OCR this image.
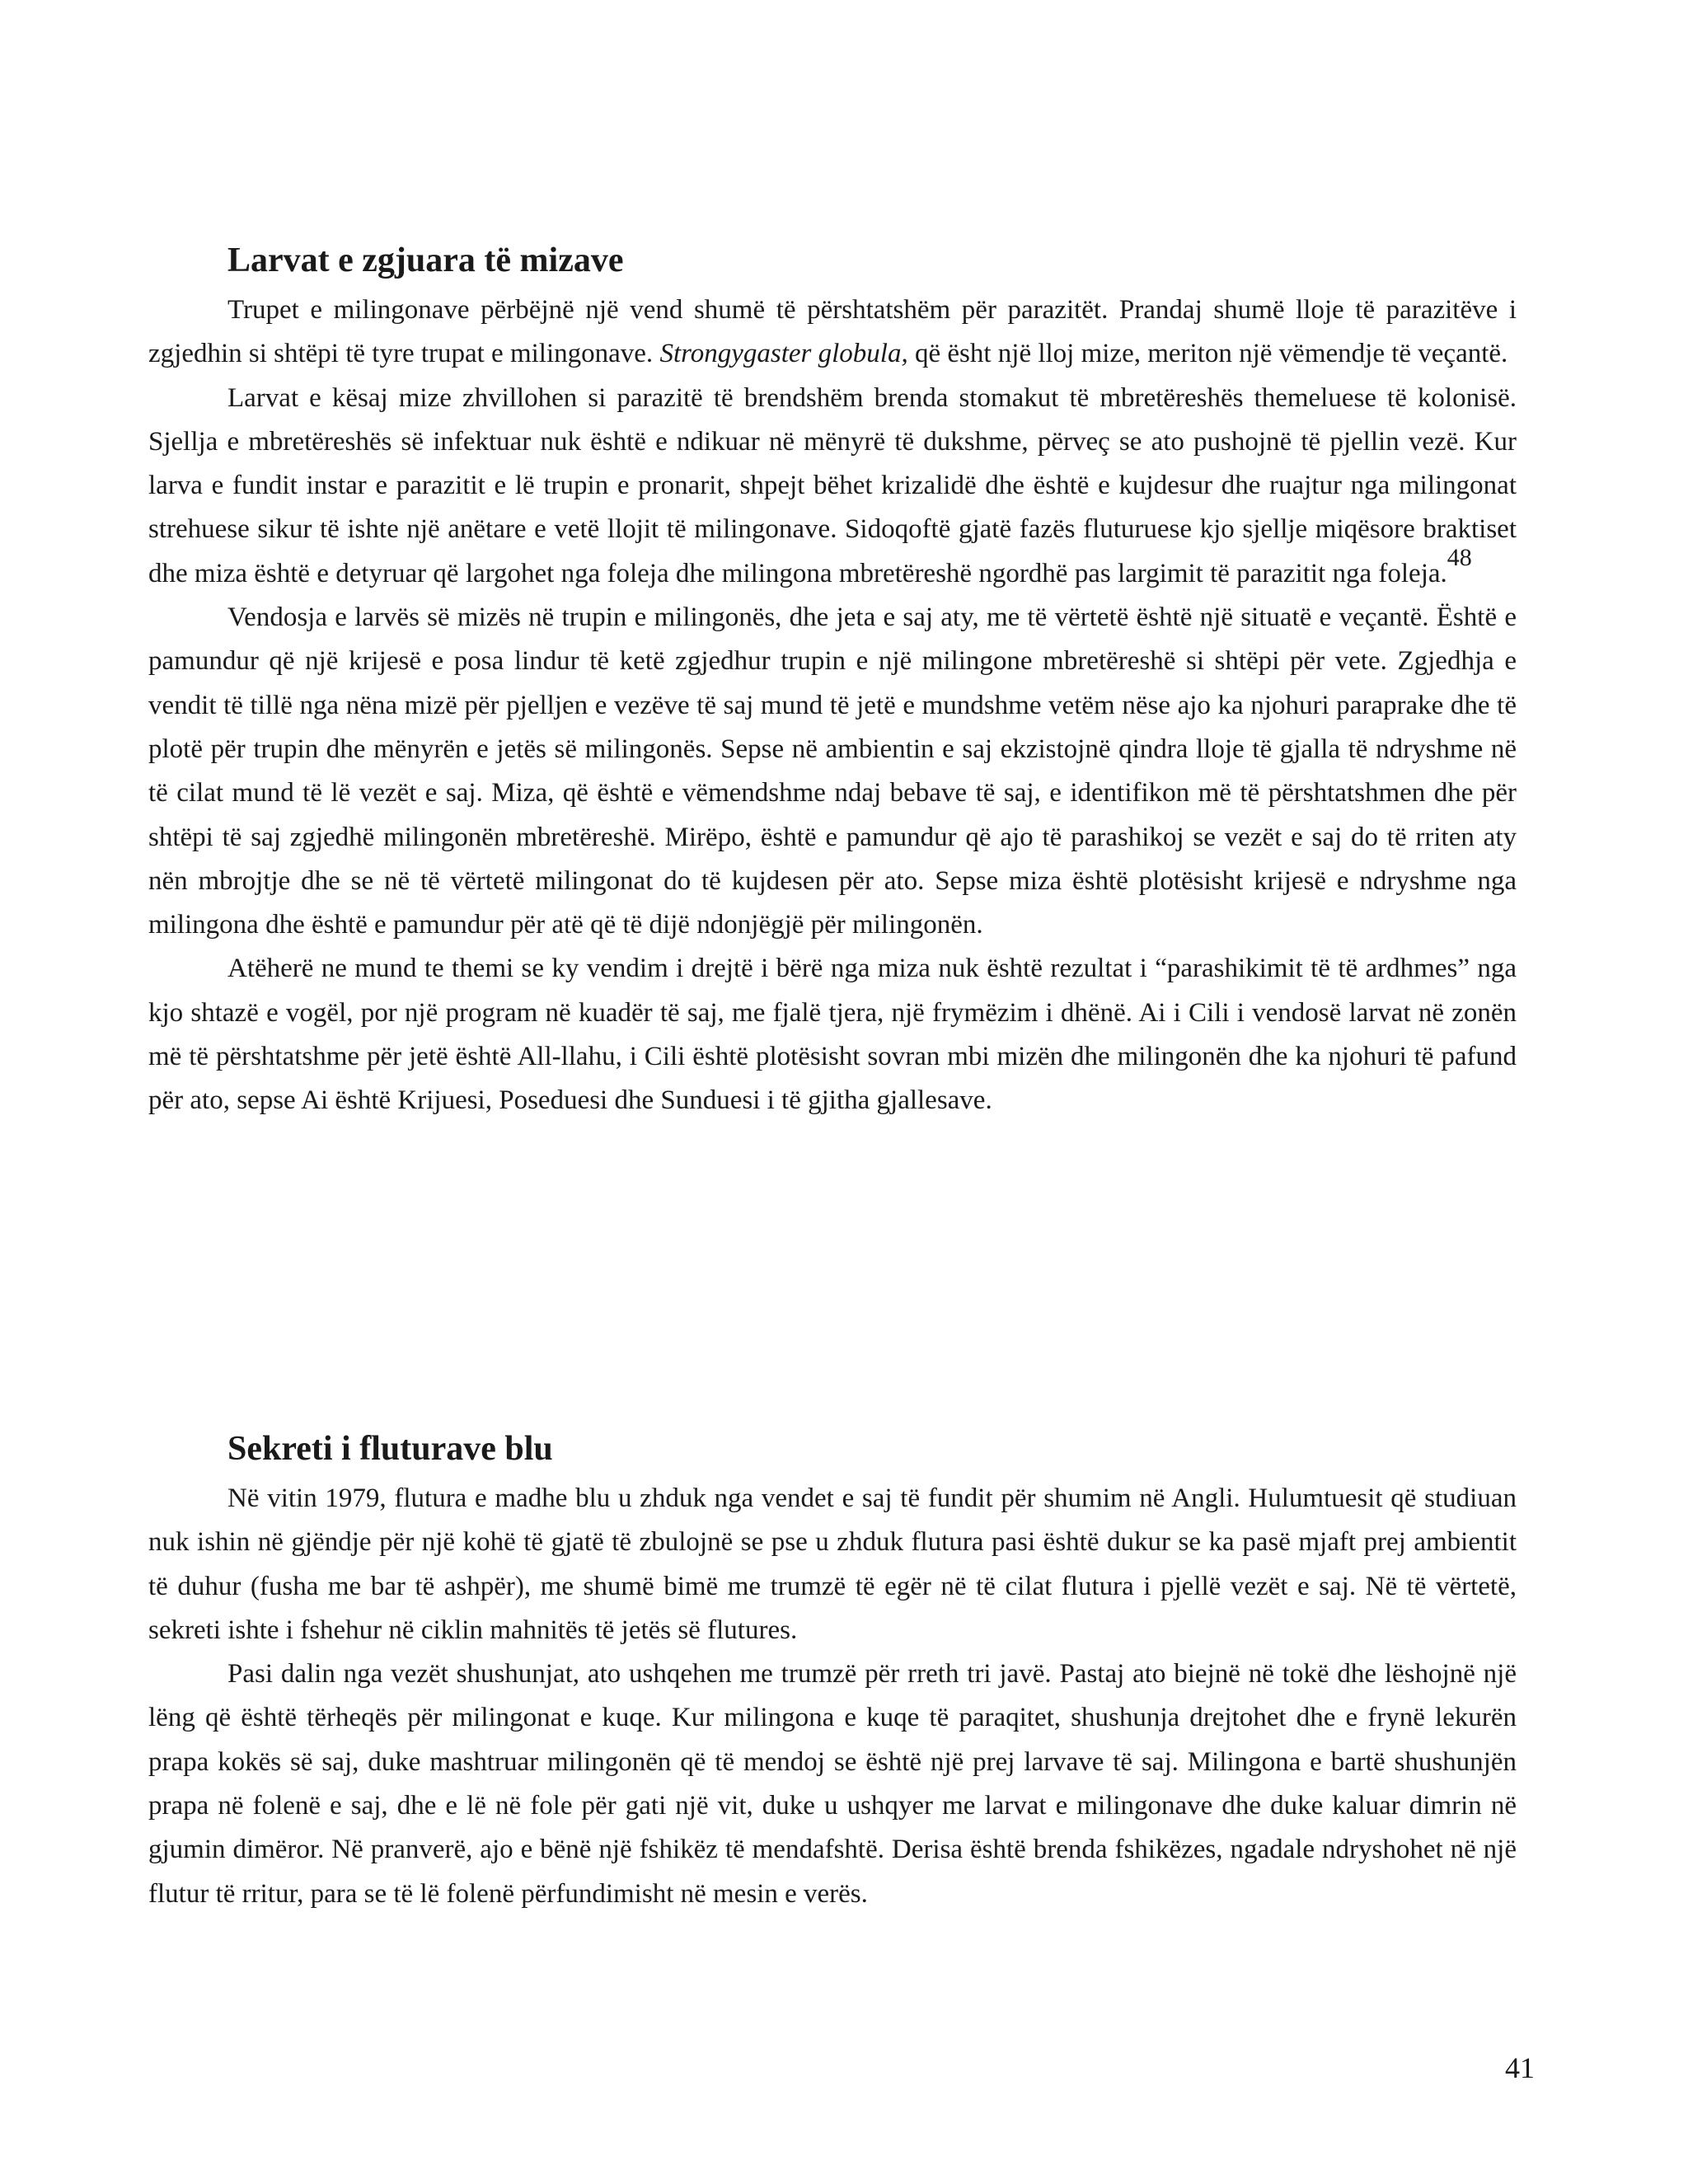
Larvat e zgjuara të mizave

Trupet e milingonave përbëjnë një vend shumë të përshtatshëm për parazitët. Prandaj shumë lloje të parazitëve i zgjedhin si shtëpi të tyre trupat e milingonave. Strongygaster globula, që ësht një lloj mize, meriton një vëmendje të veçantë.

Larvat e kësaj mize zhvillohen si parazitë të brendshëm brenda stomakut të mbretëreshës themeluese të kolonisë. Sjellja e mbretëreshës së infektuar nuk është e ndikuar në mënyrë të dukshme, përveç se ato pushojnë të pjellin vezë. Kur larva e fundit instar e parazitit e lë trupin e pronarit, shpejt bëhet krizalidë dhe është e kujdesur dhe ruajtur nga milingonat strehuese sikur të ishte një anëtare e vetë llojit të milingonave. Sidoqoftë gjatë fazës fluturuese kjo sjellje miqësore braktiset dhe miza është e detyruar që largohet nga foleja dhe milingona mbretëreshë ngordhë pas largimit të parazitit nga foleja.$^{48}$

Vendosja e larvës së mizës në trupin e milingonës, dhe jeta e saj aty, me të vërtetë është një situatë e veçantë. Është e pamundur që një krijesë e posa lindur të ketë zgjedhur trupin e një milingone mbretëreshë si shtëpi për vete. Zgjedhja e vendit të tillë nga nëna mizë për pjelljen e vezëve të saj mund të jetë e mundshme vetëm nëse ajo ka njohuri paraprake dhe të plotë për trupin dhe mënyrën e jetës së milingonës. Sepse në ambientin e saj ekzistojnë qindra lloje të gjalla të ndryshme në të cilat mund të lë vezët e saj. Miza, që është e vëmendshme ndaj bebave të saj, e identifikon më të përshtatshmen dhe për shtëpi të saj zgjedhë milingonën mbretëreshë. Mirëpo, është e pamundur që ajo të parashikoj se vezët e saj do të rriten aty nën mbrojtje dhe se në të vërtetë milingonat do të kujdesen për ato. Sepse miza është plotësisht krijesë e ndryshme nga milingona dhe është e pamundur për atë që të dijë ndonjëgjë për milingonën.

Atëherë ne mund te themi se ky vendim i drejtë i bërë nga miza nuk është rezultat i “parashikimit të të ardhmes” nga kjo shtazë e vogël, por një program në kuadër të saj, me fjalë tjera, një frymëzim i dhënë. Ai i Cili i vendosë larvat në zonën më të përshtatshme për jetë është All-llahu, i Cili është plotësisht sovran mbi mizën dhe milingonën dhe ka njohuri të pafund për ato, sepse Ai është Krijuesi, Poseduesi dhe Sunduesi i të gjitha gjallesave.

Sekreti i fluturave blu

Në vitin 1979, flutura e madhe blu u zhduk nga vendet e saj të fundit për shumim në Angli. Hulumtuesit që studiuan nuk ishin në gjëndje për një kohë të gjatë të zbulojnë se pse u zhduk flutura pasi është dukur se ka pasë mjaft prej ambientit të duhur (fusha me bar të ashpër), me shumë bimë me trumzë të egër në të cilat flutura i pjellë vezët e saj. Në të vërtetë, sekreti ishte i fshehur në ciklin mahnitës të jetës së flutures.

Pasi dalin nga vezët shushunjat, ato ushqehen me trumzë për rreth tri javë. Pastaj ato biejnë në tokë dhe lëshojnë një lëng që është tërheqës për milingonat e kuqe. Kur milingona e kuqe të paraqitet, shushunja drejtohet dhe e frynë lekurën prapa kokës së saj, duke mashtruar milingonën që të mendoj se është një prej larvave të saj. Milingona e bartë shushunjën prapa në folenë e saj, dhe e lë në fole për gati një vit, duke u ushqyer me larvat e milingonave dhe duke kaluar dimrin në gjumin dimëror. Në pranverë, ajo e bënë një fshikëz të mendafshtë. Derisa është brenda fshikëzes, ngadale ndryshohet në një flutur të rritur, para se të lë folenë përfundimisht në mesin e verës.

41
